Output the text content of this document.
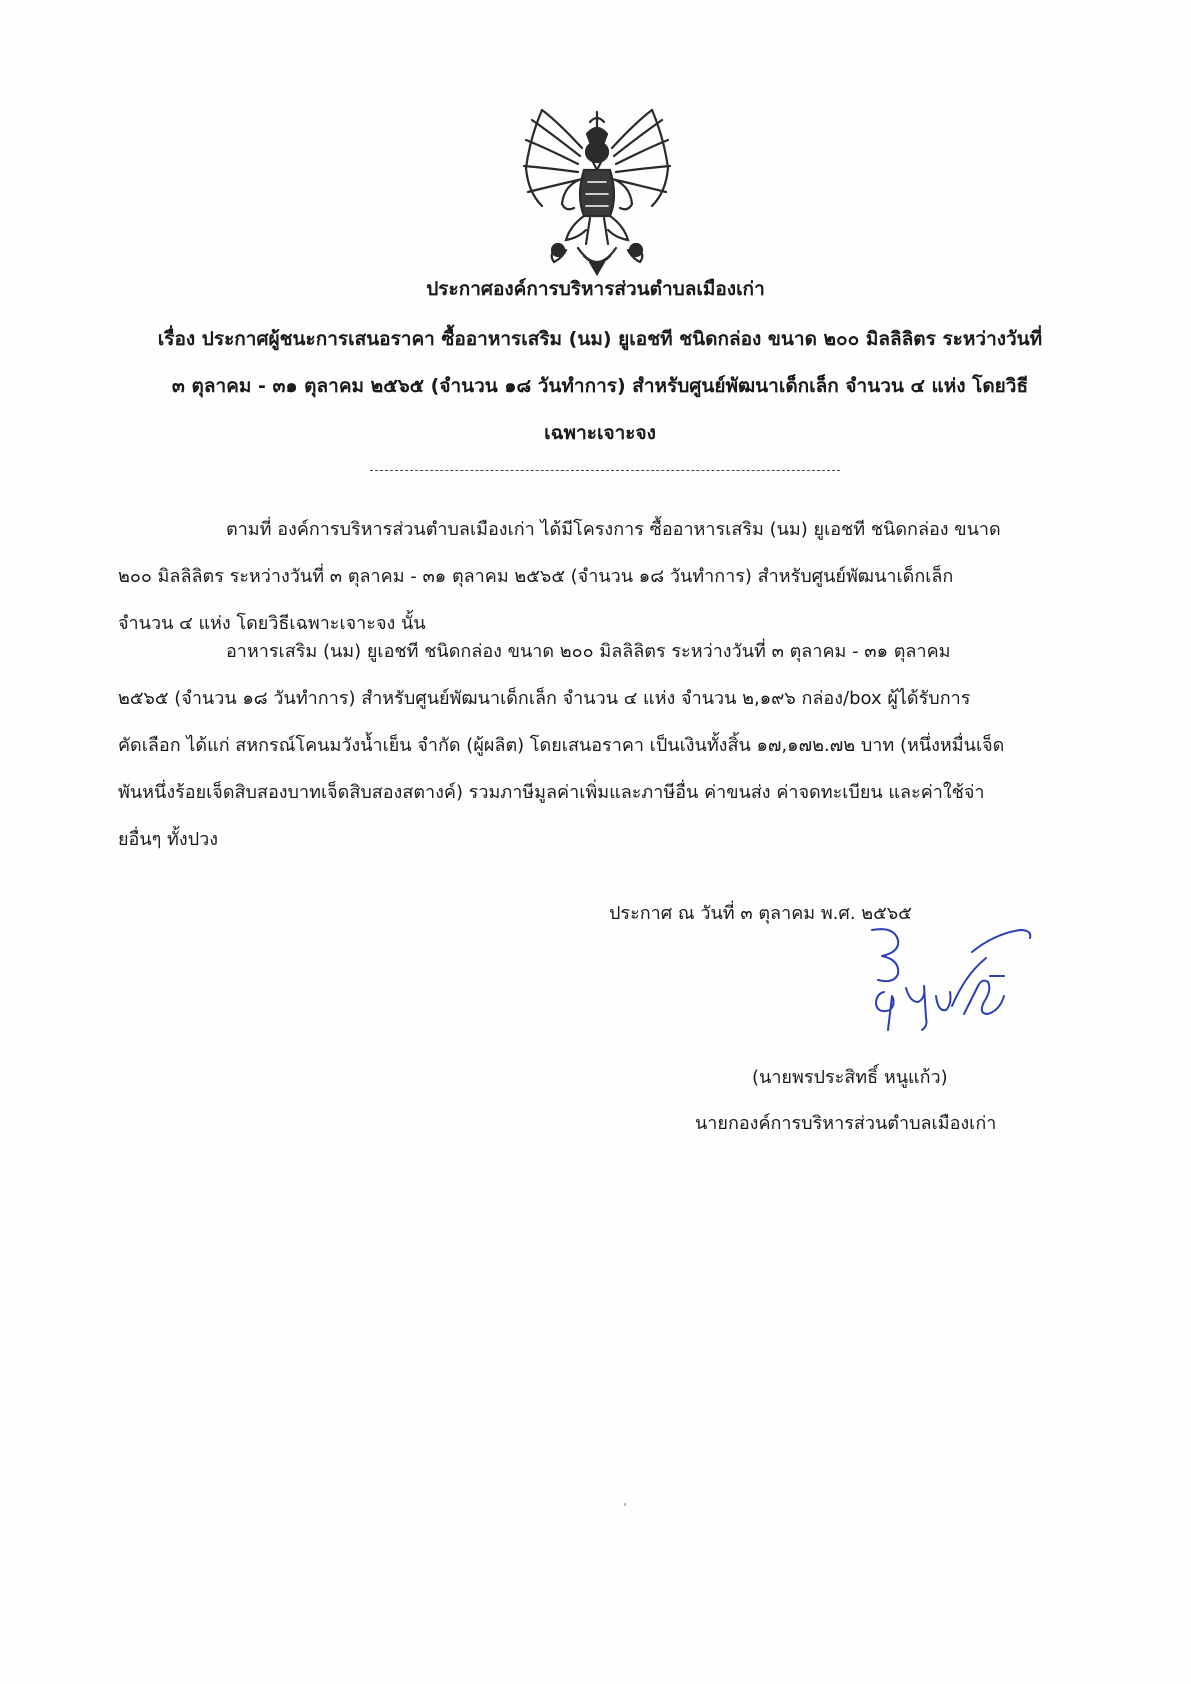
ประกาศองค์การบริหารส่วนตำบลเมืองเก่า
เรื่อง ประกาศผู้ชนะการเสนอราคา ซื้ออาหารเสริม (นม) ยูเอชที ชนิดกล่อง ขนาด ๒๐๐ มิลลิลิตร ระหว่างวันที่
๓ ตุลาคม - ๓๑ ตุลาคม ๒๕๖๕ (จำนวน ๑๘ วันทำการ) สำหรับศูนย์พัฒนาเด็กเล็ก จำนวน ๔ แห่ง โดยวิธี
เฉพาะเจาะจง
ตามที่ องค์การบริหารส่วนตำบลเมืองเก่า ได้มีโครงการ ซื้ออาหารเสริม (นม) ยูเอชที ชนิดกล่อง ขนาด
๒๐๐ มิลลิลิตร ระหว่างวันที่ ๓ ตุลาคม - ๓๑ ตุลาคม ๒๕๖๕ (จำนวน ๑๘ วันทำการ) สำหรับศูนย์พัฒนาเด็กเล็ก
จำนวน ๔ แห่ง โดยวิธีเฉพาะเจาะจง นั้น
อาหารเสริม (นม) ยูเอชที ชนิดกล่อง ขนาด ๒๐๐ มิลลิลิตร ระหว่างวันที่ ๓ ตุลาคม - ๓๑ ตุลาคม
๒๕๖๕ (จำนวน ๑๘ วันทำการ) สำหรับศูนย์พัฒนาเด็กเล็ก จำนวน ๔ แห่ง จำนวน ๒,๑๙๖ กล่อง/box ผู้ได้รับการ
คัดเลือก ได้แก่ สหกรณ์โคนมวังน้ำเย็น จำกัด (ผู้ผลิต) โดยเสนอราคา เป็นเงินทั้งสิ้น ๑๗,๑๗๒.๗๒ บาท (หนึ่งหมื่นเจ็ด
พันหนึ่งร้อยเจ็ดสิบสองบาทเจ็ดสิบสองสตางค์) รวมภาษีมูลค่าเพิ่มและภาษีอื่น ค่าขนส่ง ค่าจดทะเบียน และค่าใช้จ่า
ยอื่นๆ ทั้งปวง
ประกาศ ณ วันที่ ๓ ตุลาคม พ.ศ. ๒๕๖๕
(นายพรประสิทธิ์ หนูแก้ว)
นายกองค์การบริหารส่วนตำบลเมืองเก่า
